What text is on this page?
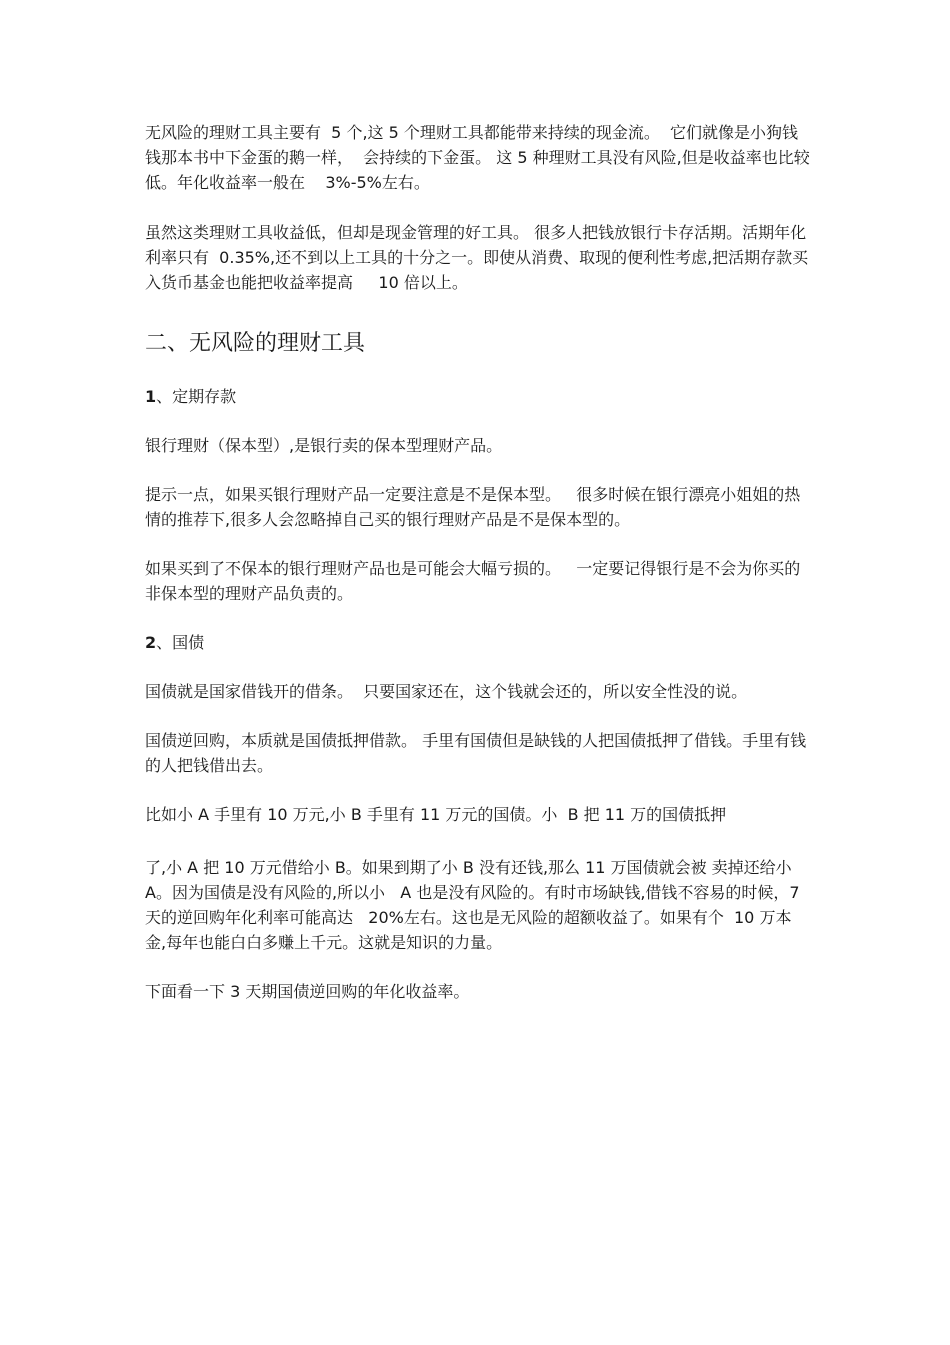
无风险的理财工具主要有  5 个,这 5 个理财工具都能带来持续的现金流。  它们就像是小狗钱钱那本书中下金蛋的鹅一样，  会持续的下金蛋。 这 5 种理财工具没有风险,但是收益率也比较低。年化收益率一般在    3%-5%左右。

虽然这类理财工具收益低，但却是现金管理的好工具。 很多人把钱放银行卡存活期。活期年化利率只有  0.35%,还不到以上工具的十分之一。即使从消费、取现的便利性考虑,把活期存款买入货币基金也能把收益率提高     10 倍以上。

二、无风险的理财工具

1、定期存款

银行理财（保本型）,是银行卖的保本型理财产品。

提示一点，如果买银行理财产品一定要注意是不是保本型。   很多时候在银行漂亮小姐姐的热情的推荐下,很多人会忽略掉自己买的银行理财产品是不是保本型的。

如果买到了不保本的银行理财产品也是可能会大幅亏损的。   一定要记得银行是不会为你买的非保本型的理财产品负责的。

2、国债

国债就是国家借钱开的借条。  只要国家还在，这个钱就会还的，所以安全性没的说。

国债逆回购，本质就是国债抵押借款。 手里有国债但是缺钱的人把国债抵押了借钱。手里有钱的人把钱借出去。

比如小 A 手里有 10 万元,小 B 手里有 11 万元的国债。小  B 把 11 万的国债抵押

了,小 A 把 10 万元借给小 B。如果到期了小 B 没有还钱,那么 11 万国债就会被 卖掉还给小 A。因为国债是没有风险的,所以小   A 也是没有风险的。有时市场缺钱,借钱不容易的时候，7 天的逆回购年化利率可能高达   20%左右。这也是无风险的超额收益了。如果有个  10 万本金,每年也能白白多赚上千元。这就是知识的力量。

下面看一下 3 天期国债逆回购的年化收益率。
